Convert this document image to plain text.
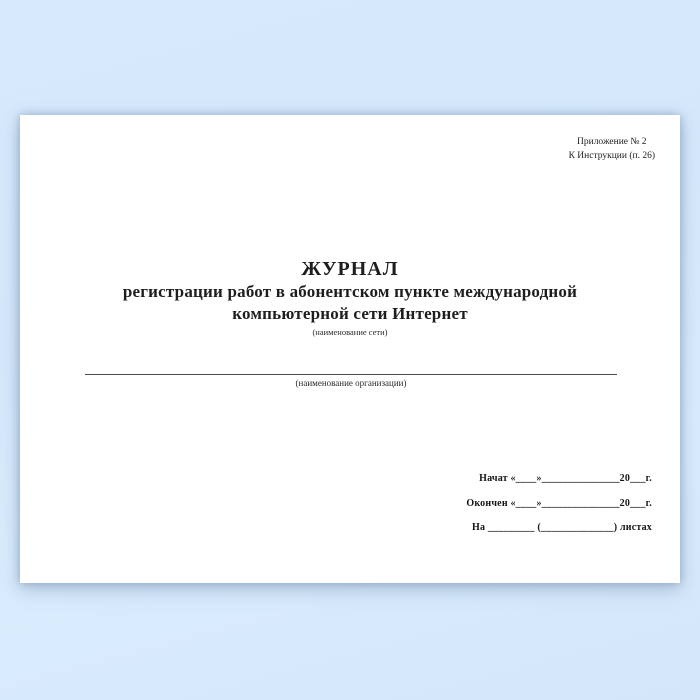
Приложение № 2
К Инструкции (п. 26)
ЖУРНАЛ
регистрации работ в абонентском пункте международной
компьютерной сети Интернет
(наименование сети)
(наименование организации)
Начат «____»_______________20___г.
Окончен «____»_______________20___г.
На _________ (______________) листах
